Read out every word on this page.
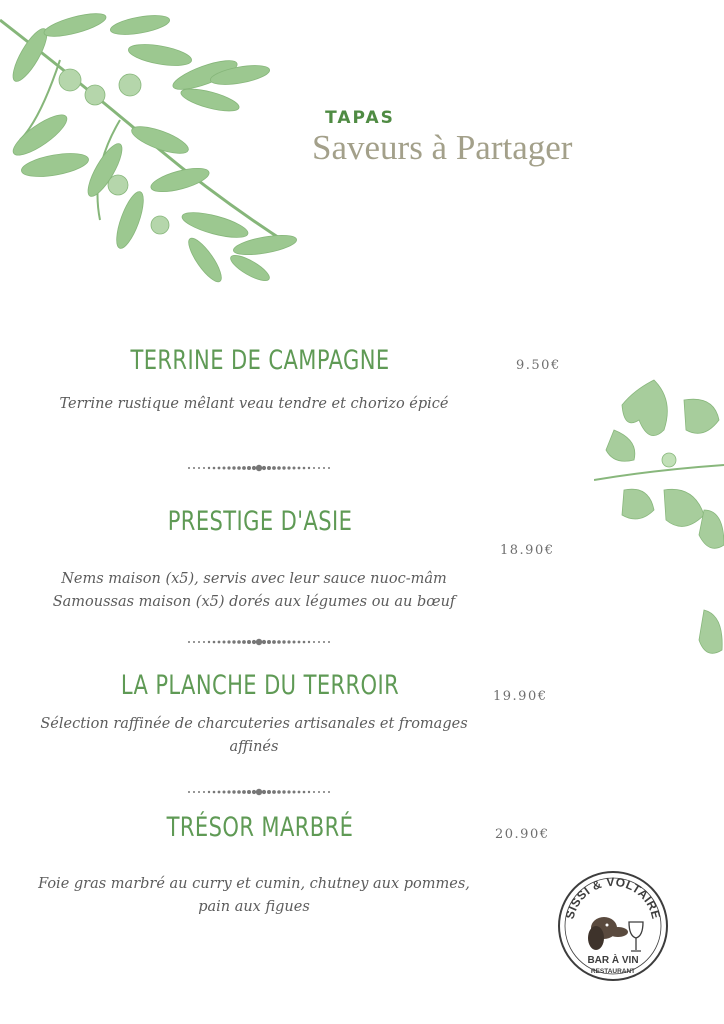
TAPAS
Saveurs à Partager
TERRINE DE CAMPAGNE	9.50€
Terrine rustique mêlant veau tendre et chorizo épicé
PRESTIGE D'ASIE
18.90€
Nems maison (x5), servis avec leur sauce nuoc-mâm
Samoussas maison (x5) dorés aux légumes ou au bœuf
LA PLANCHE DU TERROIR	19.90€
Sélection raffinée de charcuteries artisanales et fromages
affinés
TRÉSOR MARBRÉ	20.90€
Foie gras marbré au curry et cumin, chutney aux pommes,
pain aux figues	SISSI & VOLTAIRE
BAR À VIN
RESTAURANT
